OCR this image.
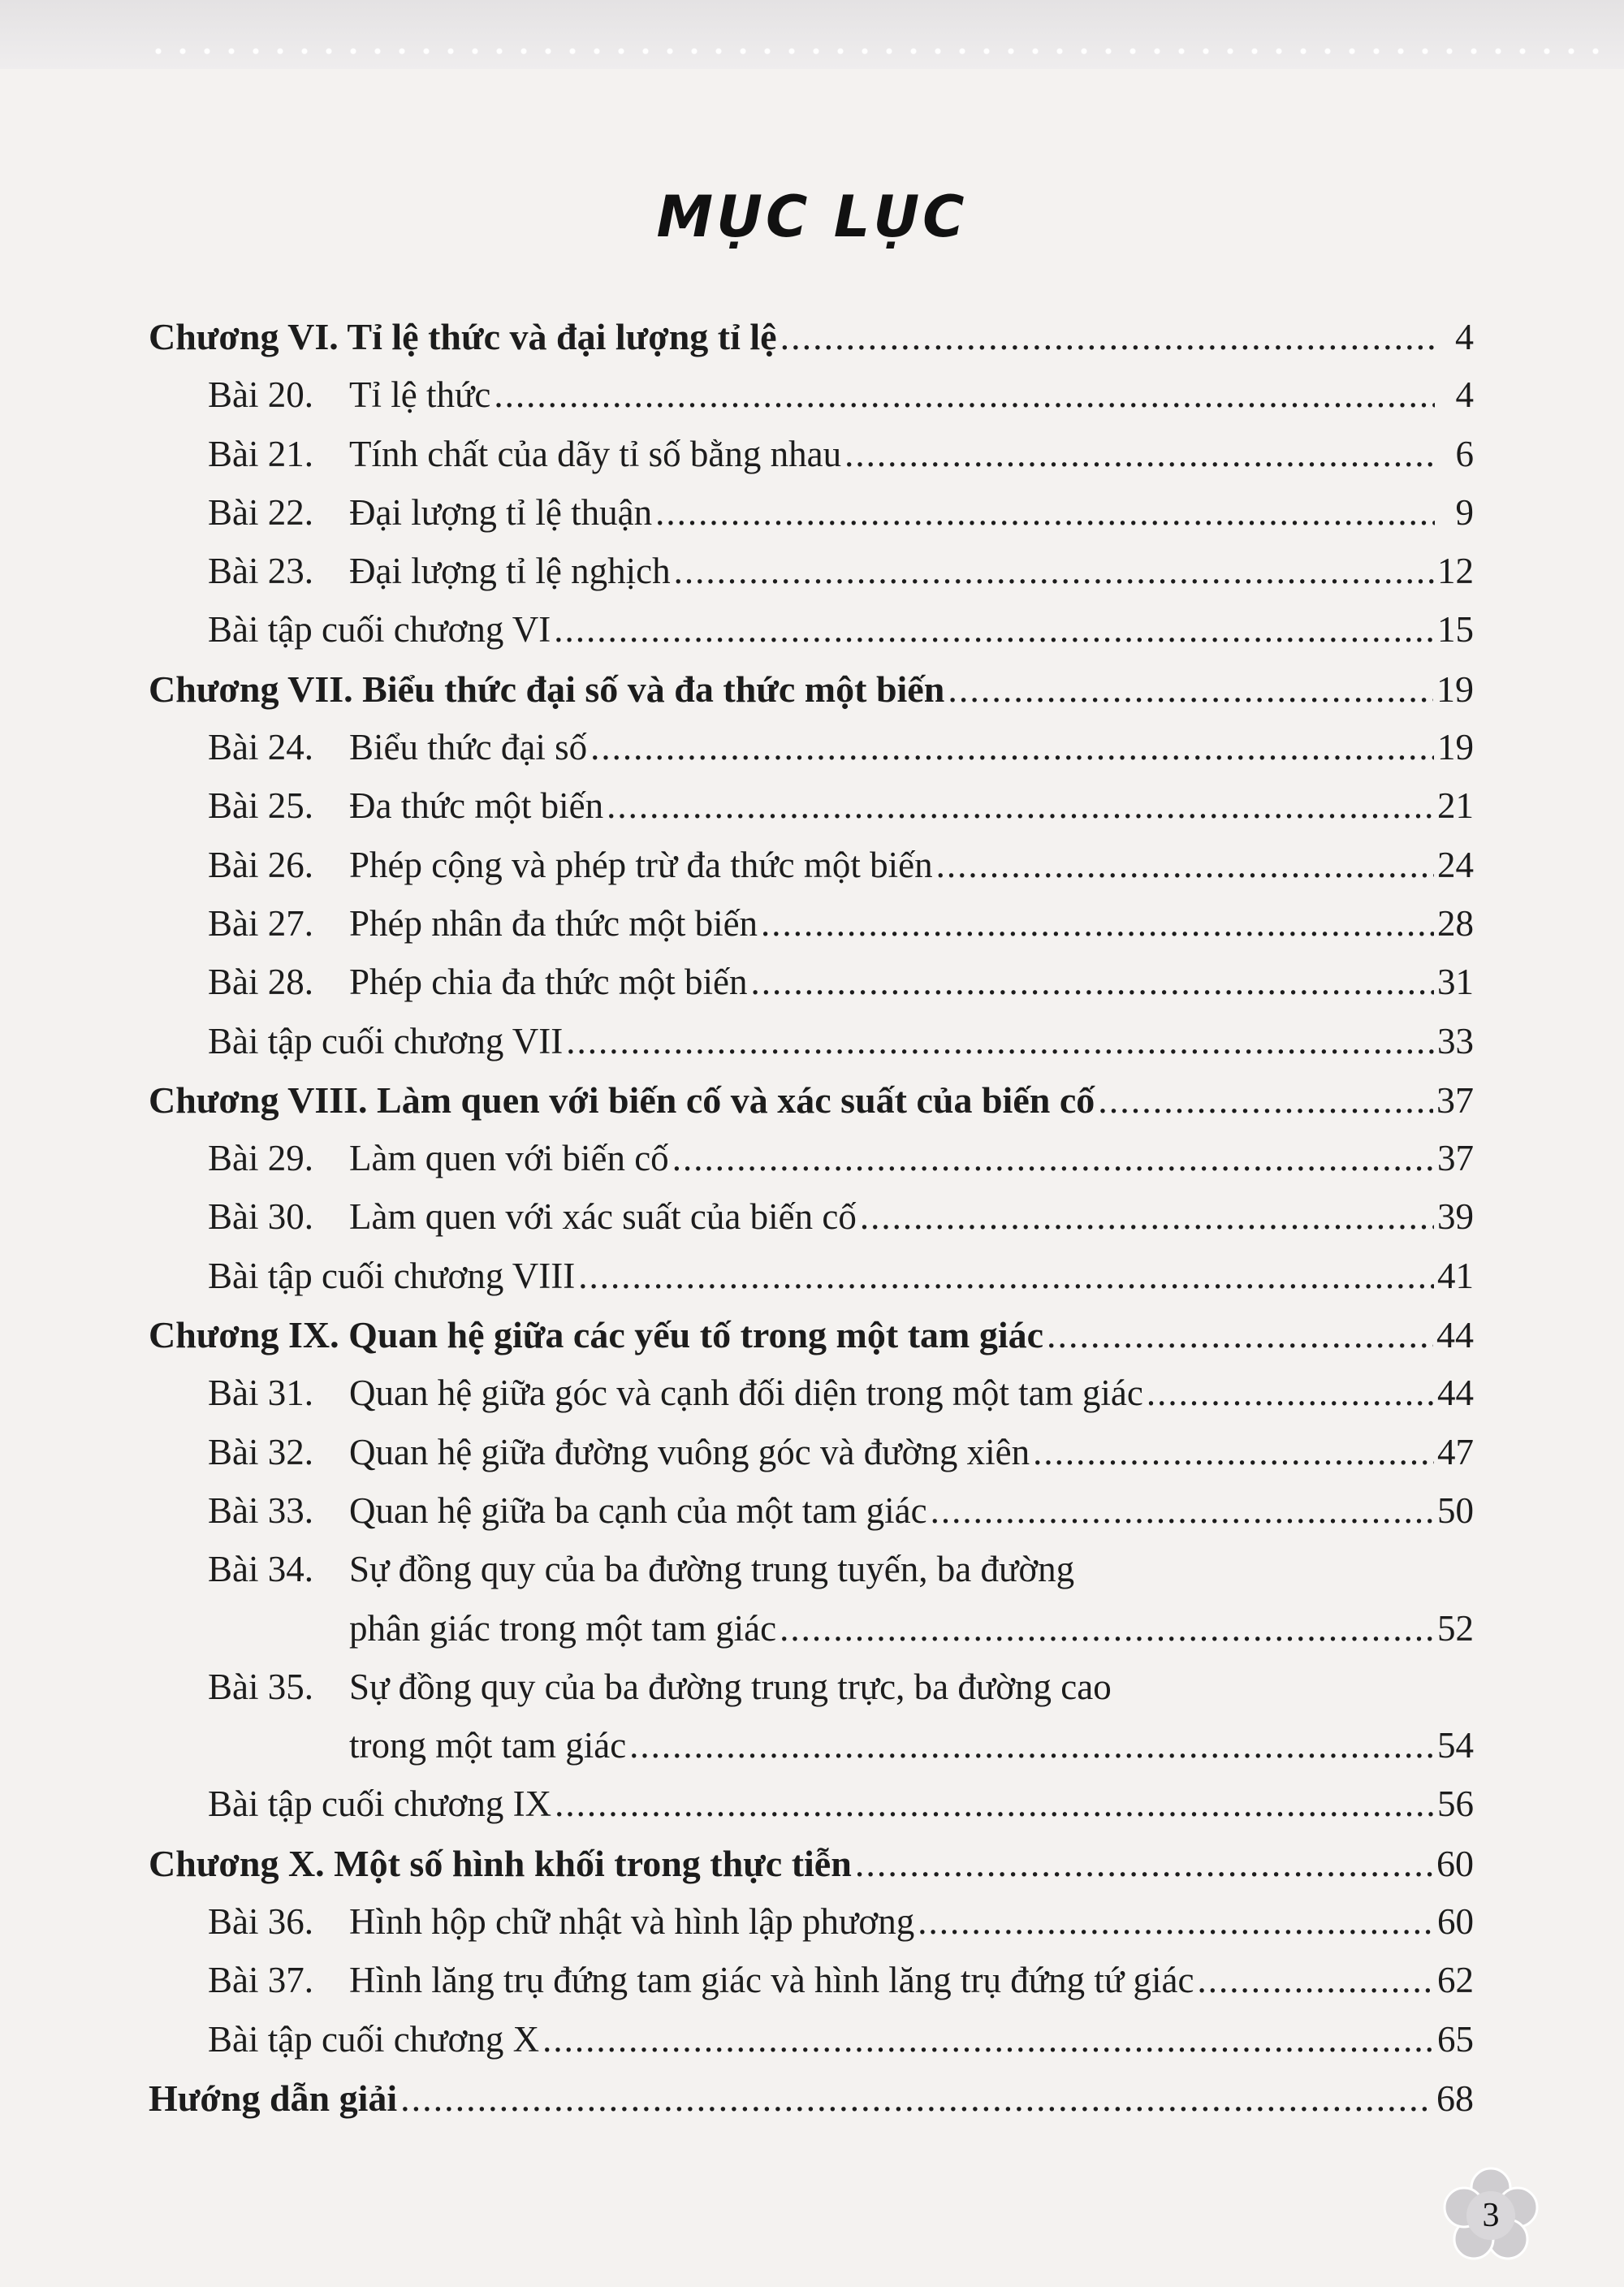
MỤC LỤC
Chương VI. Tỉ lệ thức và đại lượng tỉ lệ .....	4
Bài 20. Tỉ lệ thức .....	4
Bài 21. Tính chất của dãy tỉ số bằng nhau .....	6
Bài 22. Đại lượng tỉ lệ thuận .....	9
Bài 23. Đại lượng tỉ lệ nghịch .....	12
Bài tập cuối chương VI .....	15
Chương VII. Biểu thức đại số và đa thức một biến .....	19
Bài 24. Biểu thức đại số .....	19
Bài 25. Đa thức một biến .....	21
Bài 26. Phép cộng và phép trừ đa thức một biến .....	24
Bài 27. Phép nhân đa thức một biến .....	28
Bài 28. Phép chia đa thức một biến .....	31
Bài tập cuối chương VII .....	33
Chương VIII. Làm quen với biến cố và xác suất của biến cố .....	37
Bài 29. Làm quen với biến cố .....	37
Bài 30. Làm quen với xác suất của biến cố .....	39
Bài tập cuối chương VIII .....	41
Chương IX. Quan hệ giữa các yếu tố trong một tam giác .....	44
Bài 31. Quan hệ giữa góc và cạnh đối diện trong một tam giác .....	44
Bài 32. Quan hệ giữa đường vuông góc và đường xiên .....	47
Bài 33. Quan hệ giữa ba cạnh của một tam giác .....	50
Bài 34. Sự đồng quy của ba đường trung tuyến, ba đường
phân giác trong một tam giác .....	52
Bài 35. Sự đồng quy của ba đường trung trực, ba đường cao
trong một tam giác .....	54
Bài tập cuối chương IX .....	56
Chương X. Một số hình khối trong thực tiễn .....	60
Bài 36. Hình hộp chữ nhật và hình lập phương .....	60
Bài 37. Hình lăng trụ đứng tam giác và hình lăng trụ đứng tứ giác .....	62
Bài tập cuối chương X .....	65
Hướng dẫn giải .....	68
3
